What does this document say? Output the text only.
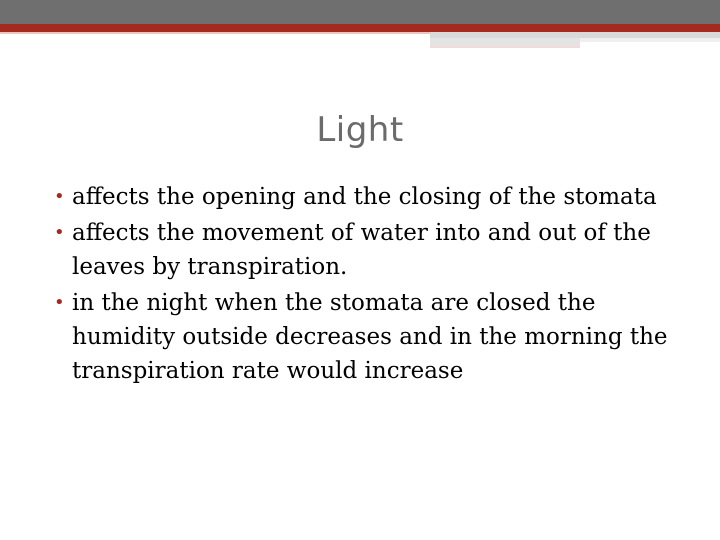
Light
• affects the opening and the closing of the stomata
• affects the movement of water into and out of the leaves by transpiration.
• in the night when the stomata are closed the humidity outside decreases and in the morning the transpiration rate would increase
